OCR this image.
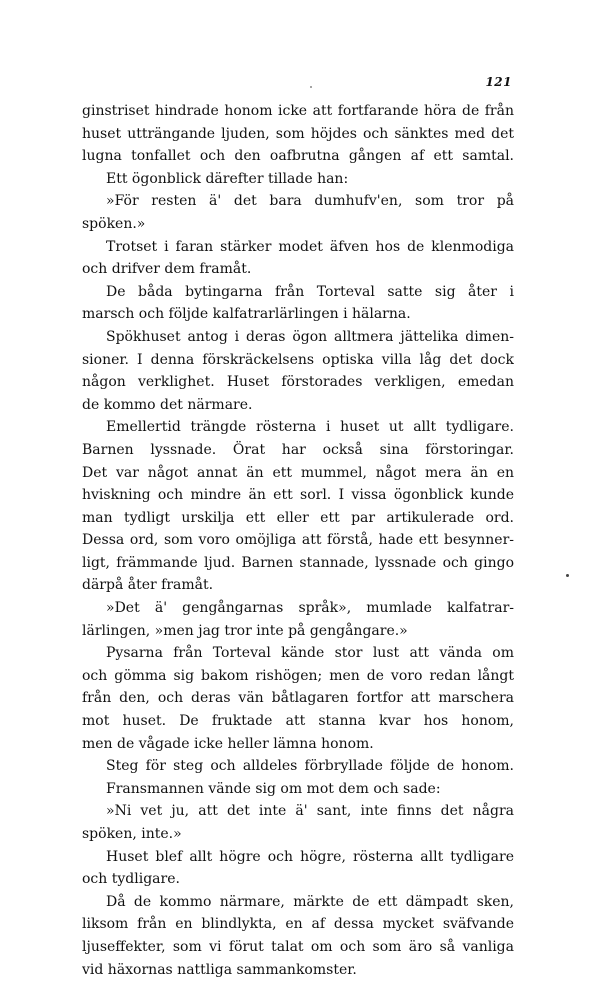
121
ginstriset hindrade honom icke att fortfarande höra de från
huset utträngande ljuden, som höjdes och sänktes med det
lugna tonfallet och den oafbrutna gången af ett samtal.
Ett ögonblick därefter tillade han:
»För resten ä' det bara dumhufv'en, som tror på
spöken.»
Trotset i faran stärker modet äfven hos de klenmodiga
och drifver dem framåt.
De båda bytingarna från Torteval satte sig åter i
marsch och följde kalfatrarlärlingen i hälarna.
Spökhuset antog i deras ögon alltmera jättelika dimen-
sioner. I denna förskräckelsens optiska villa låg det dock
någon verklighet. Huset förstorades verkligen, emedan
de kommo det närmare.
Emellertid trängde rösterna i huset ut allt tydligare.
Barnen lyssnade. Örat har också sina förstoringar.
Det var något annat än ett mummel, något mera än en
hviskning och mindre än ett sorl. I vissa ögonblick kunde
man tydligt urskilja ett eller ett par artikulerade ord.
Dessa ord, som voro omöjliga att förstå, hade ett besynner-
ligt, främmande ljud. Barnen stannade, lyssnade och gingo
därpå åter framåt.
»Det ä' gengångarnas språk», mumlade kalfatrar-
lärlingen, »men jag tror inte på gengångare.»
Pysarna från Torteval kände stor lust att vända om
och gömma sig bakom rishögen; men de voro redan långt
från den, och deras vän båtlagaren fortfor att marschera
mot huset. De fruktade att stanna kvar hos honom,
men de vågade icke heller lämna honom.
Steg för steg och alldeles förbryllade följde de honom.
Fransmannen vände sig om mot dem och sade:
»Ni vet ju, att det inte ä' sant, inte finns det några
spöken, inte.»
Huset blef allt högre och högre, rösterna allt tydligare
och tydligare.
Då de kommo närmare, märkte de ett dämpadt sken,
liksom från en blindlykta, en af dessa mycket sväfvande
ljuseffekter, som vi förut talat om och som äro så vanliga
vid häxornas nattliga sammankomster.
